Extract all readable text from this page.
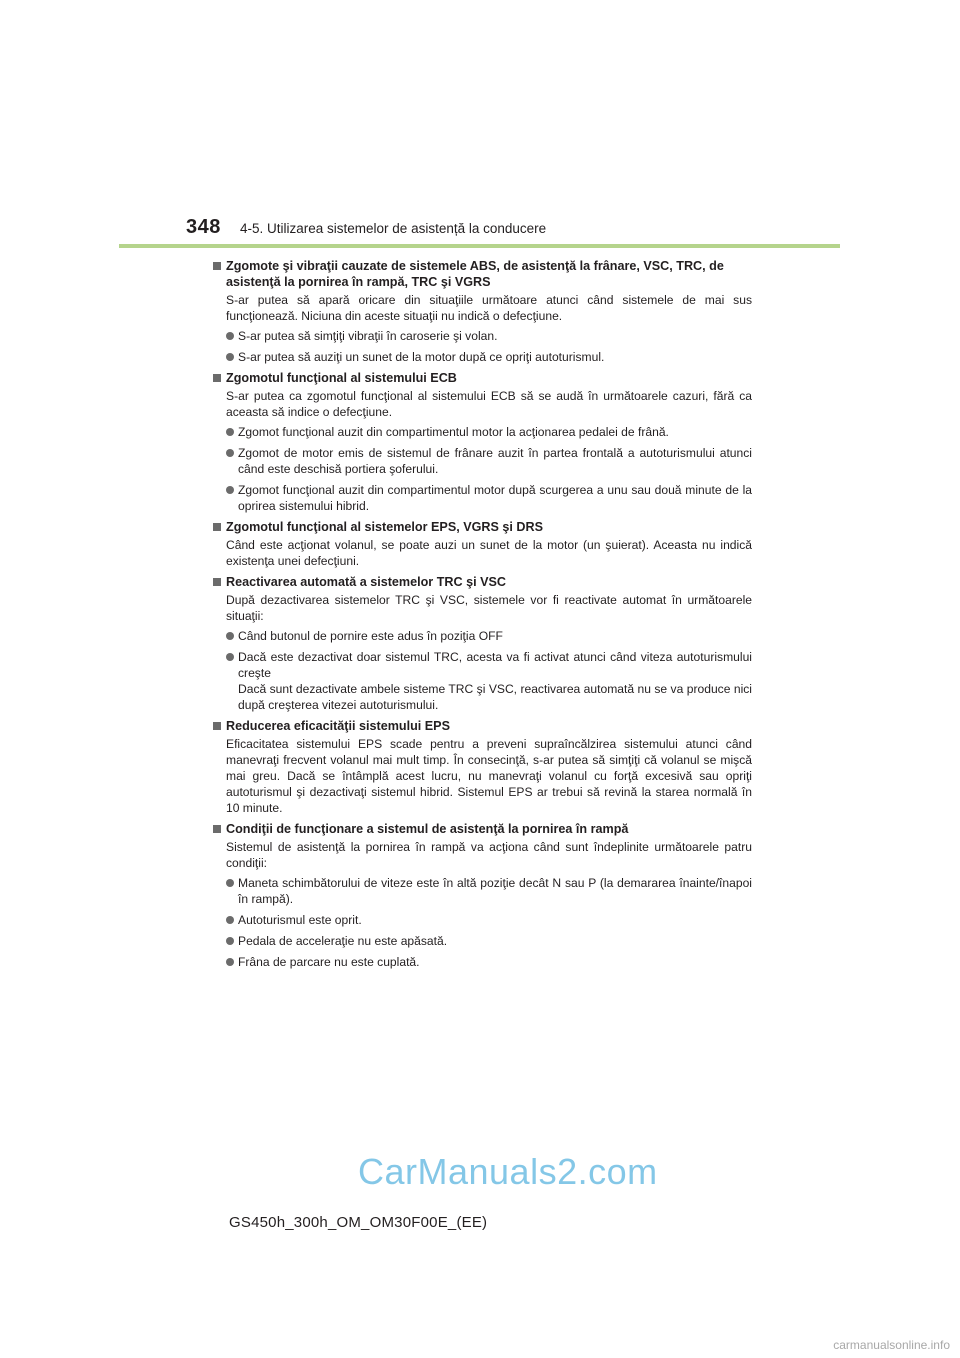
348	4-5. Utilizarea sistemelor de asistență la conducere
Zgomote şi vibraţii cauzate de sistemele ABS, de asistenţă la frânare, VSC, TRC, de asistenţă la pornirea în rampă, TRC şi VGRS
S-ar putea să apară oricare din situaţiile următoare atunci când sistemele de mai sus funcţionează. Niciuna din aceste situaţii nu indică o defecţiune.
S-ar putea să simţiţi vibraţii în caroserie şi volan.
S-ar putea să auziţi un sunet de la motor după ce opriţi autoturismul.
Zgomotul funcţional al sistemului ECB
S-ar putea ca zgomotul funcţional al sistemului ECB să se audă în următoarele cazuri, fără ca aceasta să indice o defecţiune.
Zgomot funcţional auzit din compartimentul motor la acţionarea pedalei de frână.
Zgomot de motor emis de sistemul de frânare auzit în partea frontală a autoturismului atunci când este deschisă portiera şoferului.
Zgomot funcţional auzit din compartimentul motor după scurgerea a unu sau două minute de la oprirea sistemului hibrid.
Zgomotul funcţional al sistemelor EPS, VGRS şi DRS
Când este acţionat volanul, se poate auzi un sunet de la motor (un şuierat). Aceasta nu indică existenţa unei defecţiuni.
Reactivarea automată a sistemelor TRC şi VSC
După dezactivarea sistemelor TRC şi VSC, sistemele vor fi reactivate automat în următoarele situaţii:
Când butonul de pornire este adus în poziţia OFF
Dacă este dezactivat doar sistemul TRC, acesta va fi activat atunci când viteza autoturismului creşte
Dacă sunt dezactivate ambele sisteme TRC şi VSC, reactivarea automată nu se va produce nici după creşterea vitezei autoturismului.
Reducerea eficacităţii sistemului EPS
Eficacitatea sistemului EPS scade pentru a preveni supraîncălzirea sistemului atunci când manevraţi frecvent volanul mai mult timp. În consecinţă, s-ar putea să simţiţi că volanul se mişcă mai greu. Dacă se întâmplă acest lucru, nu manevraţi volanul cu forţă excesivă sau opriţi autoturismul şi dezactivaţi sistemul hibrid. Sistemul EPS ar trebui să revină la starea normală în 10 minute.
Condiţii de funcţionare a sistemul de asistenţă la pornirea în rampă
Sistemul de asistenţă la pornirea în rampă va acţiona când sunt îndeplinite următoarele patru condiţii:
Maneta schimbătorului de viteze este în altă poziţie decât N sau P (la demararea înainte/înapoi în rampă).
Autoturismul este oprit.
Pedala de acceleraţie nu este apăsată.
Frâna de parcare nu este cuplată.
CarManuals2.com
GS450h_300h_OM_OM30F00E_(EE)
carmanualsonline.info
